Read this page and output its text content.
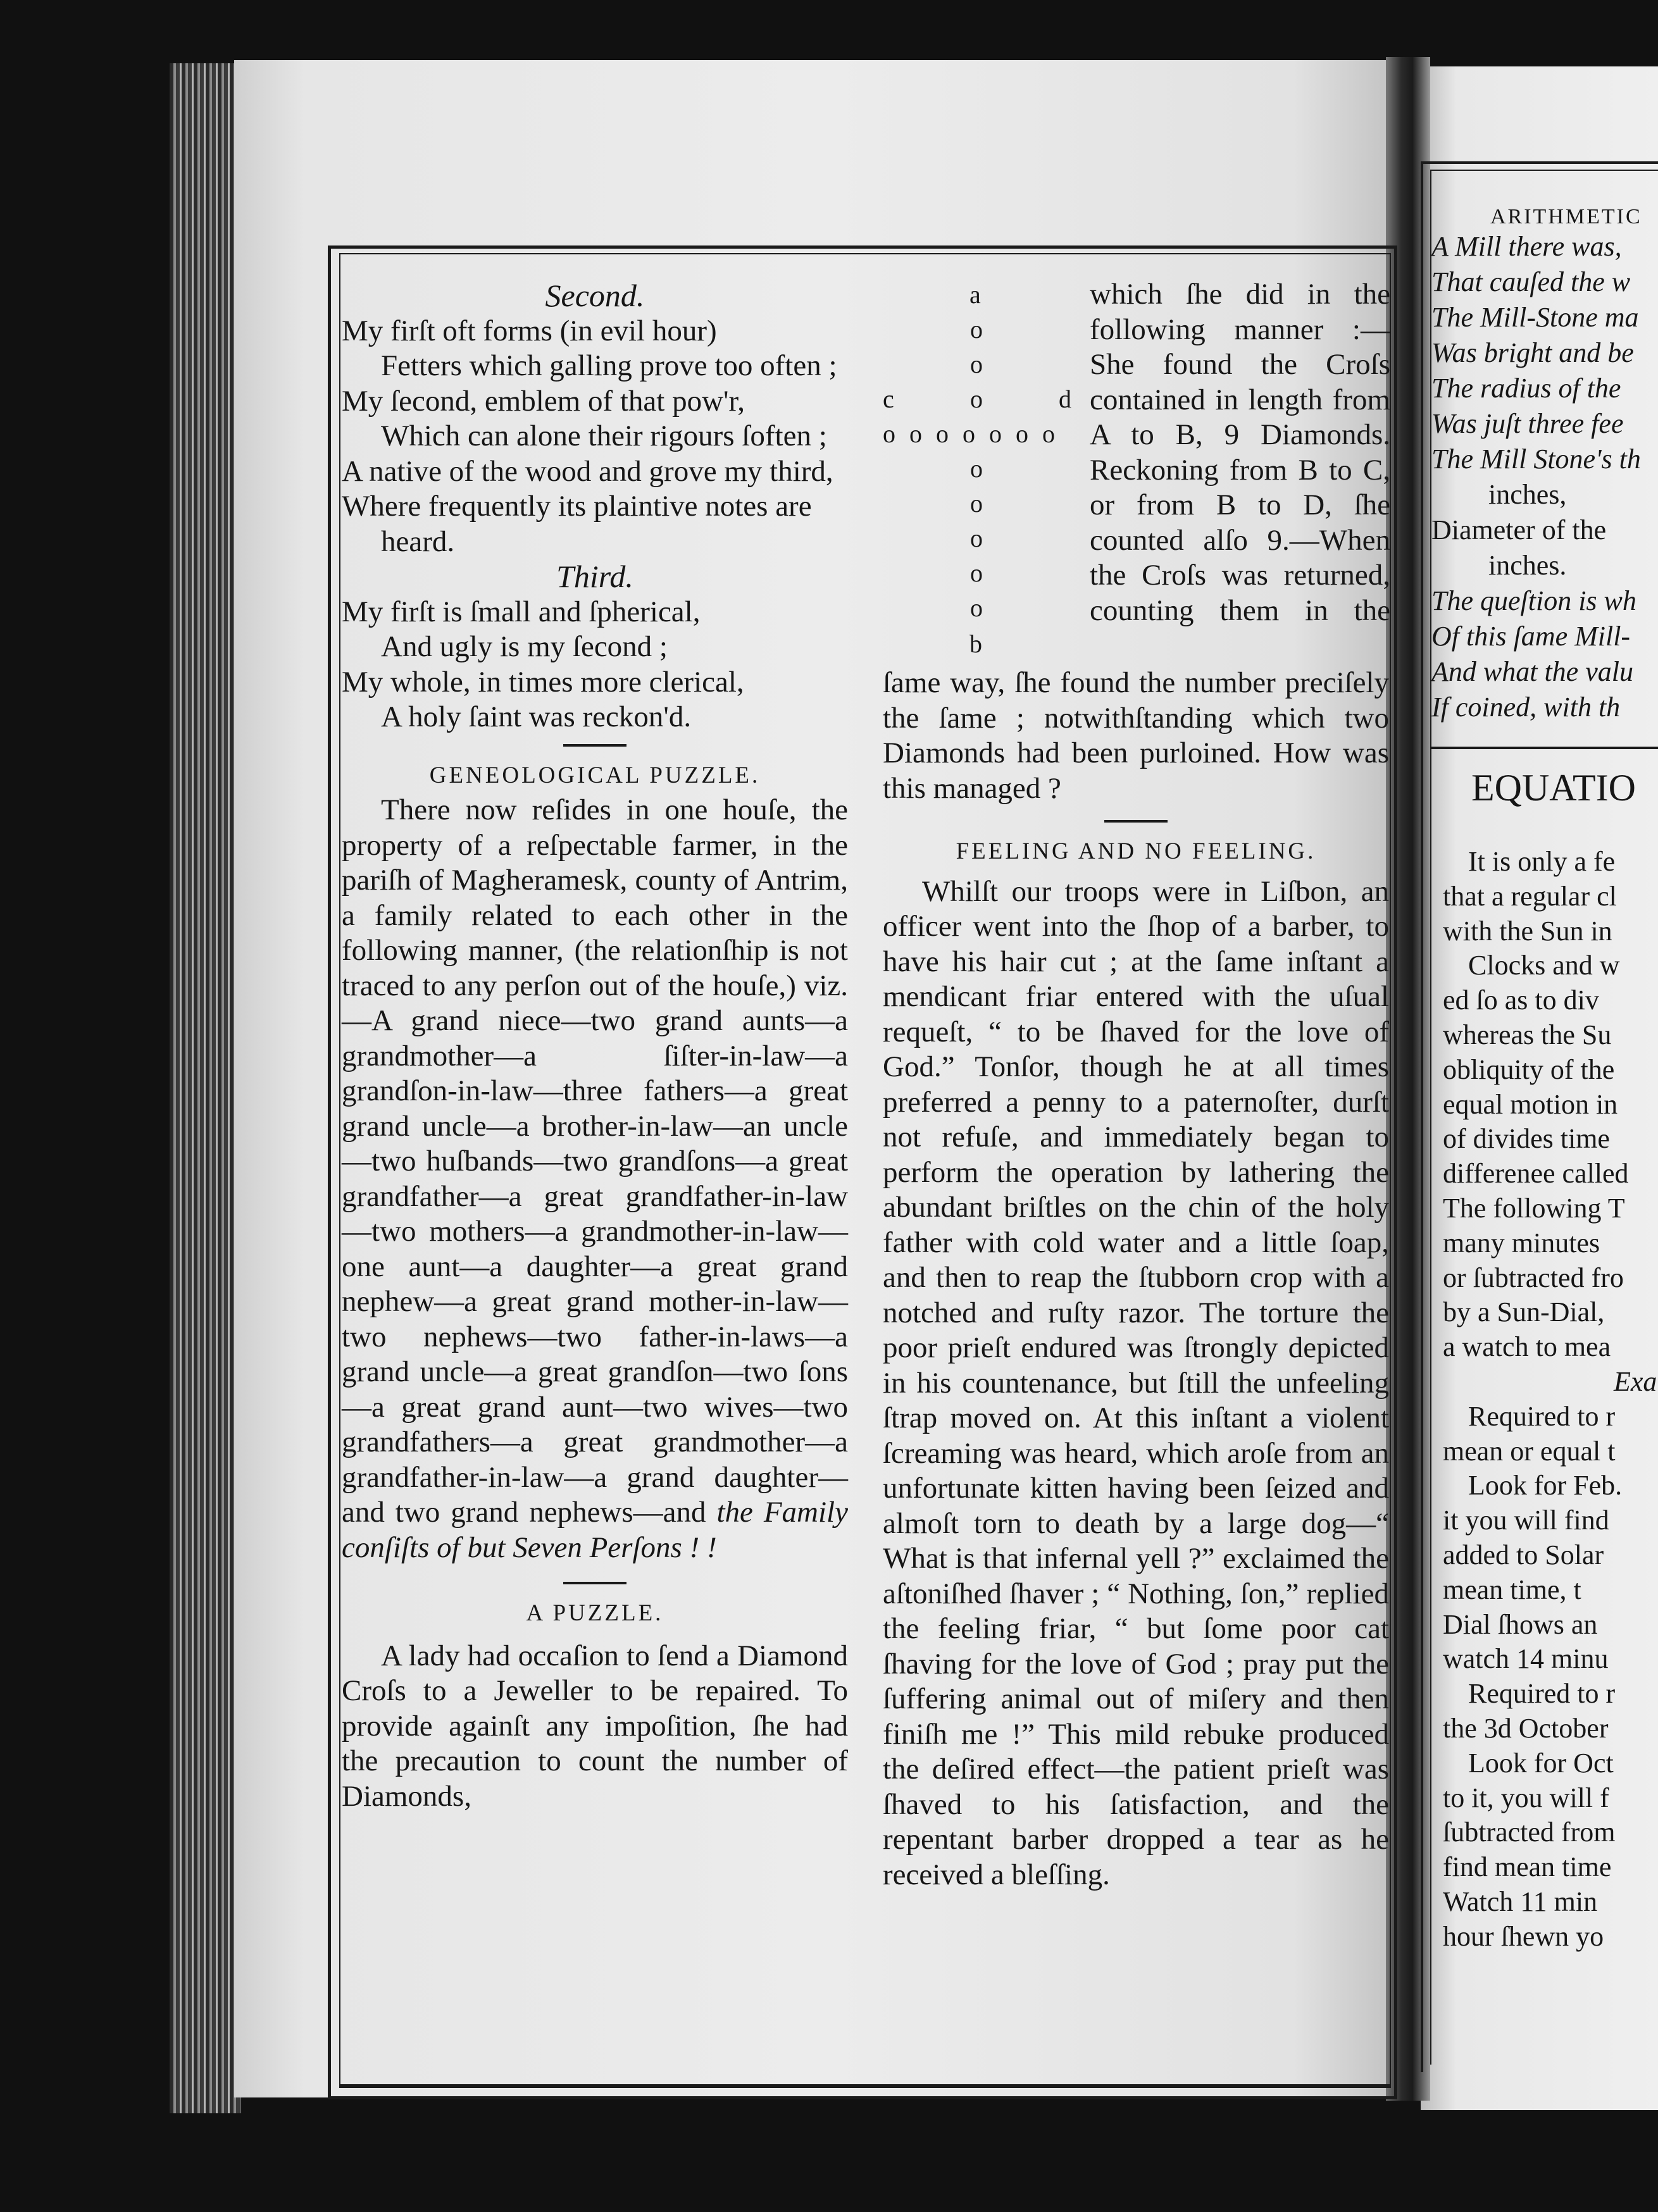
Second.

My firſt oft forms (in evil hour)

Fetters which galling prove too often ;

My ſecond, emblem of that pow'r,

Which can alone their rigours ſoften ;

A native of the wood and grove my third,

Where frequently its plaintive notes are heard.

Third.

My firſt is ſmall and ſpherical,

And ugly is my ſecond ;

My whole, in times more clerical,

A holy ſaint was reckon'd.

GENEOLOGICAL PUZZLE.

There now reſides in one houſe, the property of a reſpectable farmer, in the pariſh of Magheramesk, county of Antrim, a family related to each other in the following manner, (the relationſhip is not traced to any perſon out of the houſe,) viz.—A grand niece—two grand aunts—a grandmother—a ſiſter-in-law—a grandſon-in-law—three fathers—a great grand uncle—a brother-in-law—an uncle—two huſbands—two grandſons—a great grandfather—a great grandfather-in-law—two mothers—a grandmother-in-law—one aunt—a daughter—a great grand nephew—a great grand mother-in-law—two nephews—two father-in-laws—a grand uncle—a great grandſon—two ſons—a great grand aunt—two wives—two grandfathers—a great grandmother—a grandfather-in-law—a grand daughter—and two grand nephews—and the Family conſiſts of but Seven Perſons ! !

A PUZZLE.

A lady had occaſion to ſend a Diamond Croſs to a Jeweller to be repaired. To provide againſt any impoſition, ſhe had the precaution to count the number of Diamonds,

a
o
o
c	o	d
o o o o o o o
o
o
o
o
o
b

which ſhe did in the following manner :—She found the Croſs contained in length from A to B, 9 Diamonds. Reckoning from B to C, or from B to D, ſhe counted alſo 9.—When the Croſs was returned, counting them in the

ſame way, ſhe found the number preciſely the ſame ; notwithſtanding which two Diamonds had been purloined. How was this managed ?

FEELING AND NO FEELING.

Whilſt our troops were in Liſbon, an officer went into the ſhop of a barber, to have his hair cut ; at the ſame inſtant a mendicant friar entered with the uſual requeſt, “ to be ſhaved for the love of God.” Tonſor, though he at all times preferred a penny to a paternoſter, durſt not refuſe, and immediately began to perform the operation by lathering the abundant briſtles on the chin of the holy father with cold water and a little ſoap, and then to reap the ſtubborn crop with a notched and ruſty razor. The torture the poor prieſt endured was ſtrongly depicted in his countenance, but ſtill the unfeeling ſtrap moved on. At this inſtant a violent ſcreaming was heard, which aroſe from an unfortunate kitten having been ſeized and almoſt torn to death by a large dog—“ What is that infernal yell ?” exclaimed the aſtoniſhed ſhaver ; “ Nothing, ſon,” replied the feeling friar, “ but ſome poor cat ſhaving for the love of God ; pray put the ſuffering animal out of miſery and then finiſh me !” This mild rebuke produced the deſired effect—the patient prieſt was ſhaved to his ſatisfaction, and the repentant barber dropped a tear as he received a bleſſing.

ARITHMETIC
A Mill there was,
That cauſed the w
The Mill-Stone ma
Was bright and be
The radius of the
Was juſt three fee
The Mill Stone's th
inches,
Diameter of the
inches.
The queſtion is wh
Of this ſame Mill-
And what the valu
If coined, with th
EQUATIO
It is only a fe
that a regular cl
with the Sun in
Clocks and w
ed ſo as to div
whereas the Su
obliquity of the
equal motion in
of divides time
differenee called
The following T
many minutes
or ſubtracted fro
by a Sun-Dial,
a watch to mea
Exa
Required to r
mean or equal t
Look for Feb.
it you will find
added to Solar
mean time, t
Dial ſhows an
watch 14 minu
Required to r
the 3d October
Look for Oct
to it, you will f
ſubtracted from
find mean time
Watch 11 min
hour ſhewn yo
